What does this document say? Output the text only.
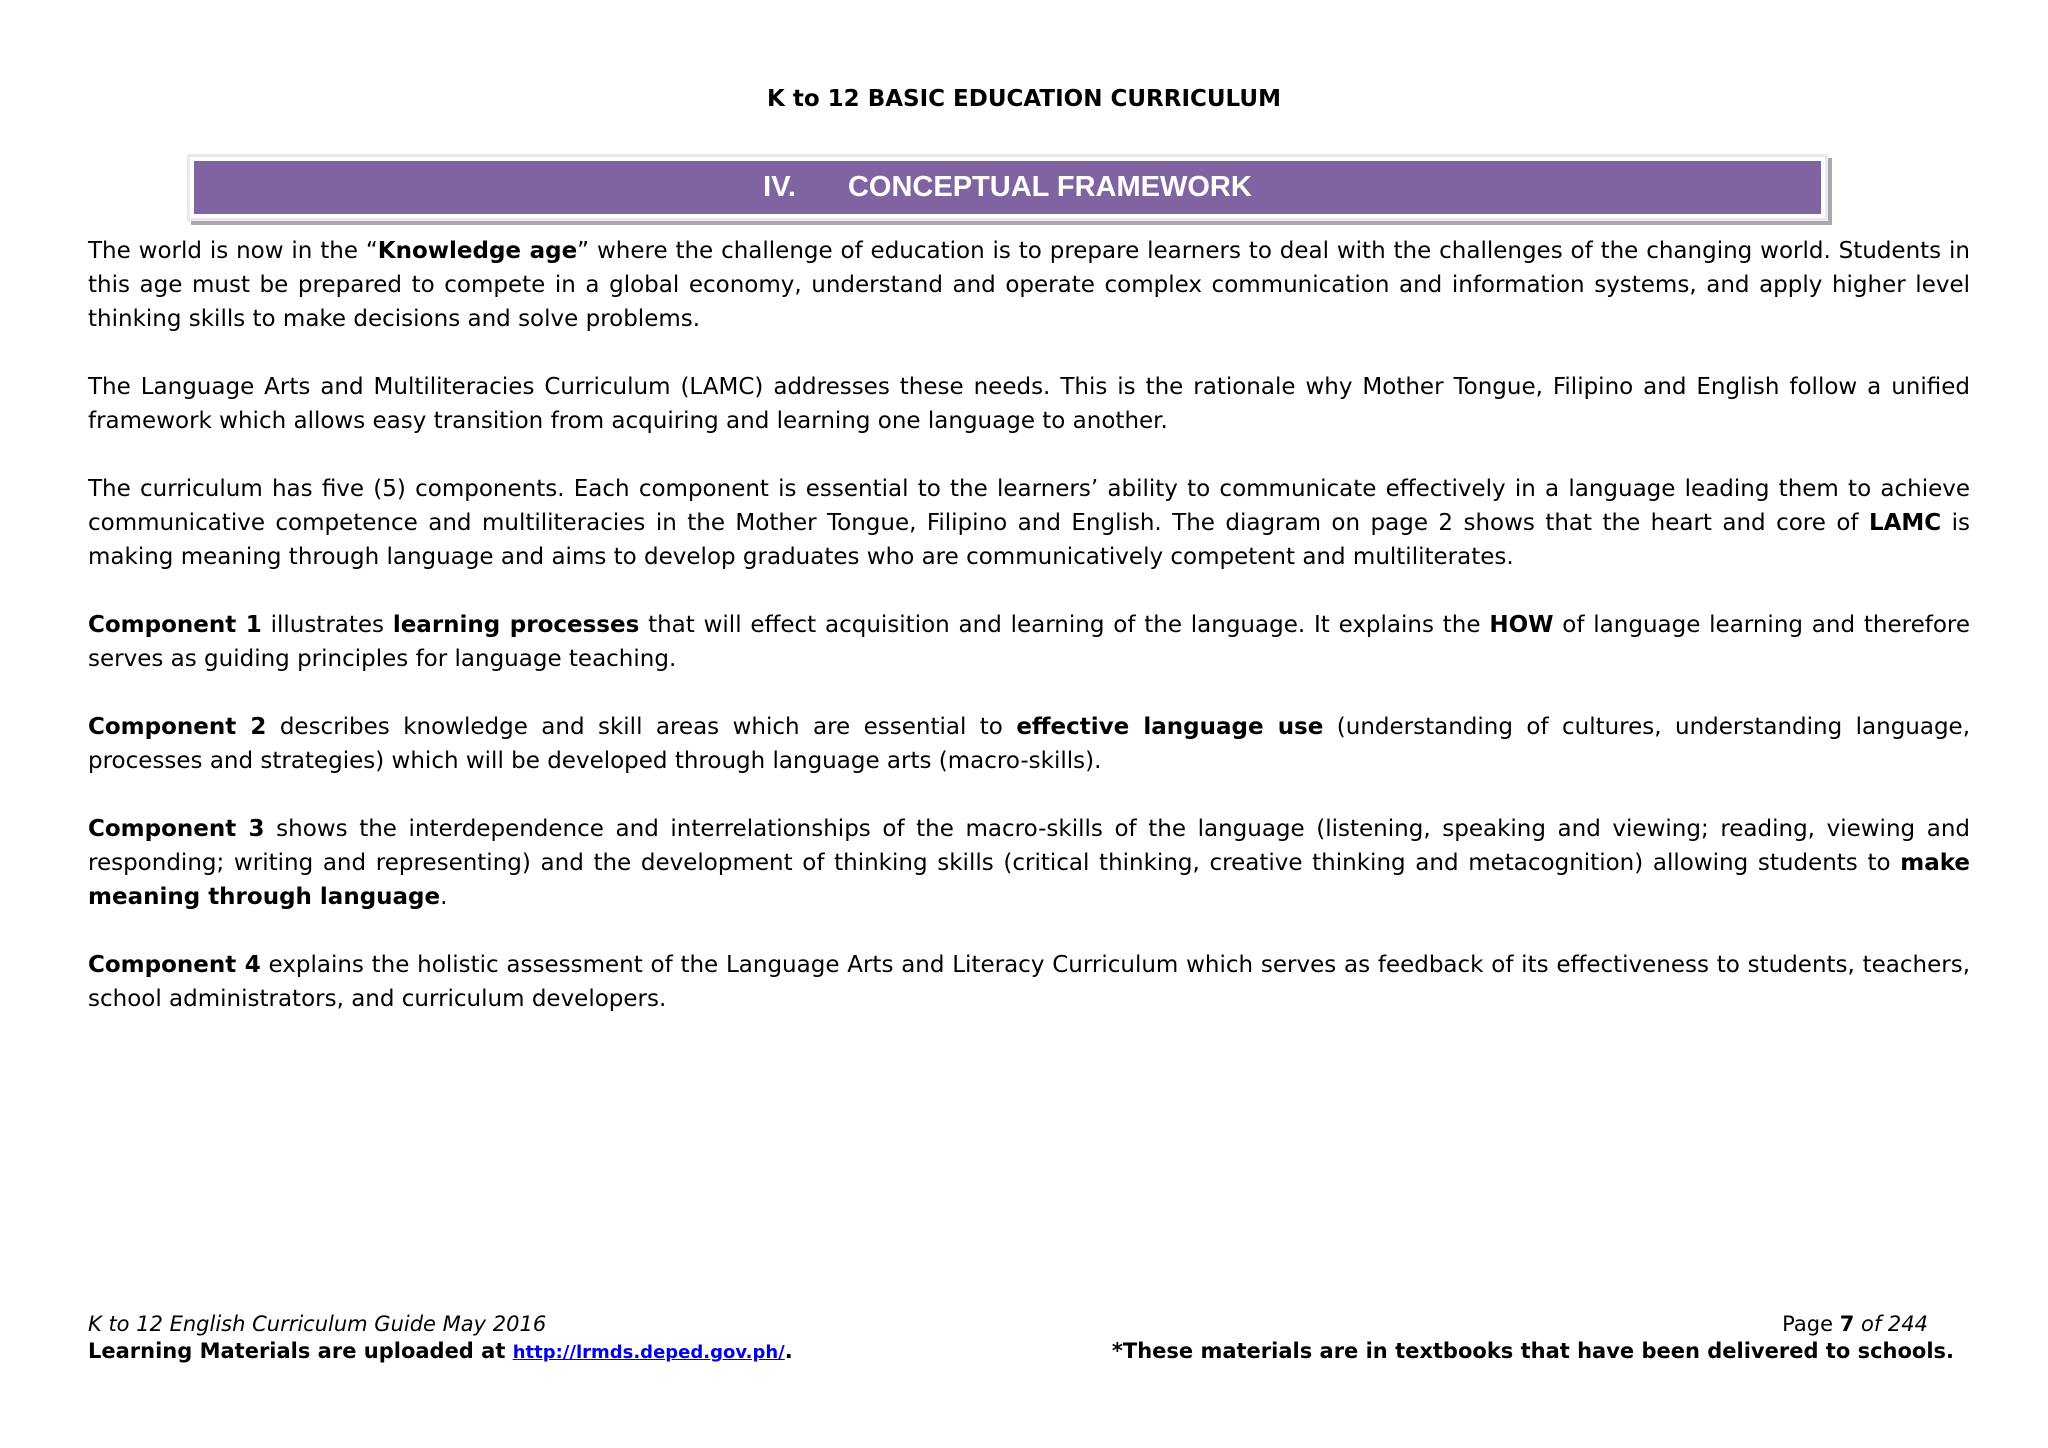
K to 12 BASIC EDUCATION CURRICULUM
IV. CONCEPTUAL FRAMEWORK

The world is now in the “Knowledge age” where the challenge of education is to prepare learners to deal with the challenges of the changing world. Students in this age must be prepared to compete in a global economy, understand and operate complex communication and information systems, and apply higher level thinking skills to make decisions and solve problems.

The Language Arts and Multiliteracies Curriculum (LAMC) addresses these needs. This is the rationale why Mother Tongue, Filipino and English follow a unified framework which allows easy transition from acquiring and learning one language to another.

The curriculum has five (5) components. Each component is essential to the learners’ ability to communicate effectively in a language leading them to achieve communicative competence and multiliteracies in the Mother Tongue, Filipino and English. The diagram on page 2 shows that the heart and core of LAMC is making meaning through language and aims to develop graduates who are communicatively competent and multiliterates.

Component 1 illustrates learning processes that will effect acquisition and learning of the language. It explains the HOW of language learning and therefore serves as guiding principles for language teaching.

Component 2 describes knowledge and skill areas which are essential to effective language use (understanding of cultures, understanding language, processes and strategies) which will be developed through language arts (macro-skills).

Component 3 shows the interdependence and interrelationships of the macro-skills of the language (listening, speaking and viewing; reading, viewing and responding; writing and representing) and the development of thinking skills (critical thinking, creative thinking and metacognition) allowing students to make meaning through language.

Component 4 explains the holistic assessment of the Language Arts and Literacy Curriculum which serves as feedback of its effectiveness to students, teachers, school administrators, and curriculum developers.

K to 12 English Curriculum Guide May 2016	Page 7 of 244
Learning Materials are uploaded at http://lrmds.deped.gov.ph/.	*These materials are in textbooks that have been delivered to schools.
